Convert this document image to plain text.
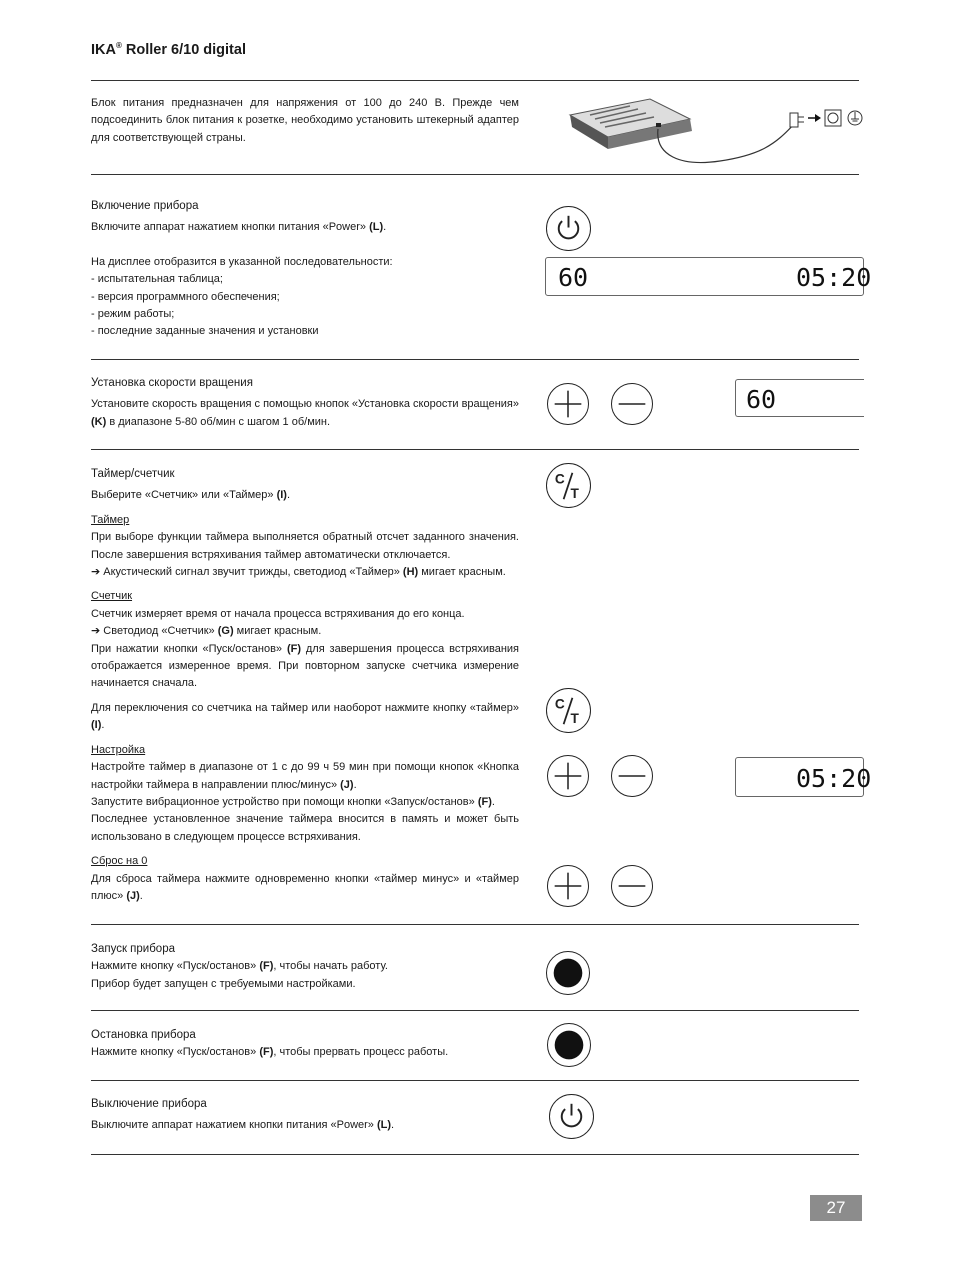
IKA® Roller 6/10 digital
Блок питания предназначен для напряжения от 100 до 240 В. Прежде чем подсоединить блок питания к розетке, необходимо установить штекерный адаптер для соответствующей страны.
Включение прибора
Включите аппарат нажатием кнопки питания «Power» (L).
На дисплее отобразится в указанной последовательности:
- испытательная таблица;
- версия программного обеспечения;
- режим работы;
- последние заданные значения и установки
60	05:20
Установка скорости вращения
Установите скорость вращения с помощью кнопок «Установка скорости вращения» (K) в диапазоне 5-80 об/мин с шагом 1 об/мин.
60
Таймер/счетчик
Выберите «Счетчик» или «Таймер» (I).
Таймер
При выборе функции таймера выполняется обратный отсчет заданного значения. После завершения встряхивания таймер автоматически отключается.
➔ Акустический сигнал звучит трижды, светодиод «Таймер» (H) мигает красным.
Счетчик
Счетчик измеряет время от начала процесса встряхивания до его конца.
➔ Светодиод «Счетчик» (G) мигает красным.
При нажатии кнопки «Пуск/останов» (F) для завершения процесса встряхивания отображается измеренное время. При повторном запуске счетчика измерение начинается сначала.
Для переключения со счетчика на таймер или наоборот нажмите кнопку «таймер» (I).
Настройка
Настройте таймер в диапазоне от 1 с до 99 ч 59 мин при помощи кнопок «Кнопка настройки таймера в направлении плюс/минус» (J).
Запустите вибрационное устройство при помощи кнопки «Запуск/останов» (F).
Последнее установленное значение таймера вносится в память и может быть использовано в следующем процессе встряхивания.
Сброс на 0
Для сброса таймера нажмите одновременно кнопки «таймер минус» и «таймер плюс» (J).
C
T
C
T
05:20
Запуск прибора
Нажмите кнопку «Пуск/останов» (F), чтобы начать работу.
Прибор будет запущен с требуемыми настройками.
Остановка прибора
Нажмите кнопку «Пуск/останов» (F), чтобы прервать процесс работы.
Выключение прибора
Выключите аппарат нажатием кнопки питания «Power» (L).
27
